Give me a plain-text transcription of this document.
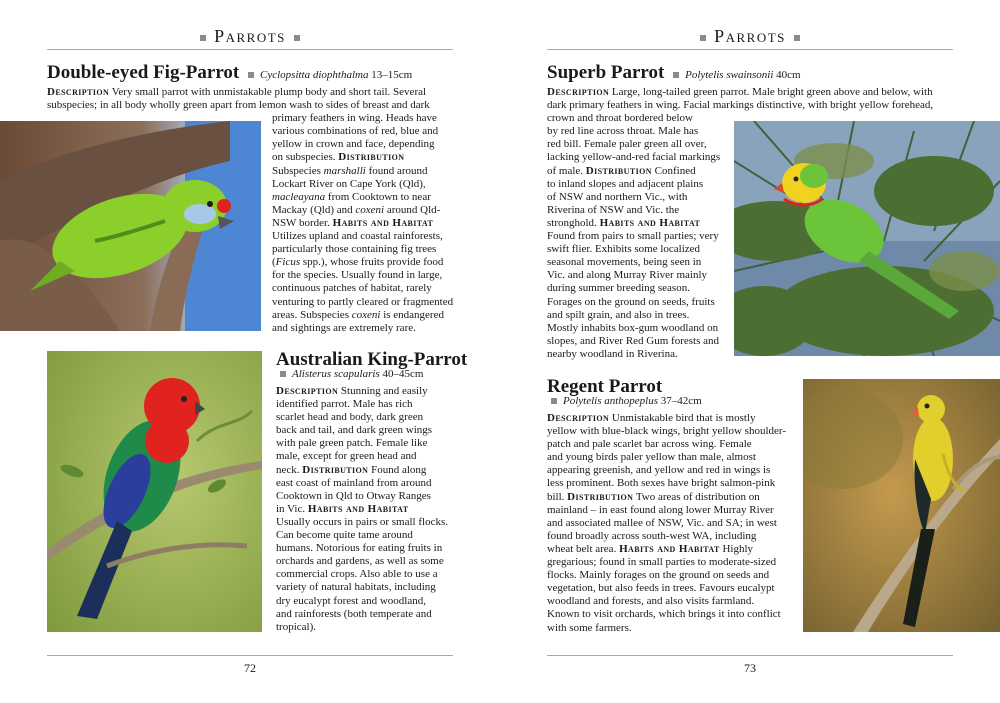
Parrots
Double-eyed Fig-Parrot Cyclopsitta diophthalma 13–15cm
Description Very small parrot with unmistakable plump body and short tail. Several
subspecies; in all body wholly green apart from lemon wash to sides of breast and dark
primary feathers in wing. Heads have
various combinations of red, blue and
yellow in crown and face, depending
on subspecies. Distribution
Subspecies marshalli found around
Lockart River on Cape York (Qld),
macleayana from Cooktown to near
Mackay (Qld) and coxeni around Qld-
NSW border. Habits and Habitat
Utilizes upland and coastal rainforests,
particularly those containing fig trees
(Ficus spp.), whose fruits provide food
for the species. Usually found in large,
continuous patches of habitat, rarely
venturing to partly cleared or fragmented
areas. Subspecies coxeni is endangered
and sightings are extremely rare.
Australian King-Parrot
Alisterus scapularis 40–45cm
Description Stunning and easily
identified parrot. Male has rich
scarlet head and body, dark green
back and tail, and dark green wings
with pale green patch. Female like
male, except for green head and
neck. Distribution Found along
east coast of mainland from around
Cooktown in Qld to Otway Ranges
in Vic. Habits and Habitat
Usually occurs in pairs or small flocks.
Can become quite tame around
humans. Notorious for eating fruits in
orchards and gardens, as well as some
commercial crops. Also able to use a
variety of natural habitats, including
dry eucalypt forest and woodland,
and rainforests (both temperate and
tropical).
72
Parrots
Superb Parrot Polytelis swainsonii 40cm
Description Large, long-tailed green parrot. Male bright green above and below, with
dark primary feathers in wing. Facial markings distinctive, with bright yellow forehead,
crown and throat bordered below
by red line across throat. Male has
red bill. Female paler green all over,
lacking yellow-and-red facial markings
of male. Distribution Confined
to inland slopes and adjacent plains
of NSW and northern Vic., with
Riverina of NSW and Vic. the
stronghold. Habits and Habitat
Found from pairs to small parties; very
swift flier. Exhibits some localized
seasonal movements, being seen in
Vic. and along Murray River mainly
during summer breeding season.
Forages on the ground on seeds, fruits
and spilt grain, and also in trees.
Mostly inhabits box-gum woodland on
slopes, and River Red Gum forests and
nearby woodland in Riverina.
Regent Parrot
Polytelis anthopeplus 37–42cm
Description Unmistakable bird that is mostly
yellow with blue-black wings, bright yellow shoulder-
patch and pale scarlet bar across wing. Female
and young birds paler yellow than male, almost
appearing greenish, and yellow and red in wings is
less prominent. Both sexes have bright salmon-pink
bill. Distribution Two areas of distribution on
mainland – in east found along lower Murray River
and associated mallee of NSW, Vic. and SA; in west
found broadly across south-west WA, including
wheat belt area. Habits and Habitat Highly
gregarious; found in small parties to moderate-sized
flocks. Mainly forages on the ground on seeds and
vegetation, but also feeds in trees. Favours eucalypt
woodland and forests, and also visits farmland.
Known to visit orchards, which brings it into conflict
with some farmers.
73
